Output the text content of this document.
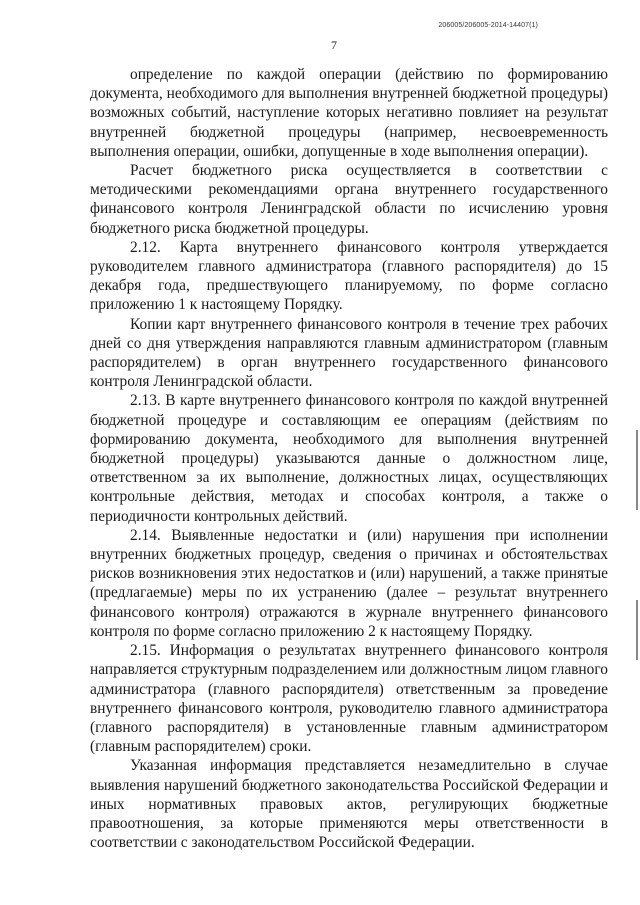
206005/206005-2014-14407(1)
7

определение по каждой операции (действию по формированию документа, необходимого для выполнения внутренней бюджетной процедуры) возможных событий, наступление которых негативно повлияет на результат внутренней бюджетной процедуры (например, несвоевременность выполнения операции, ошибки, допущенные в ходе выполнения операции).

Расчет бюджетного риска осуществляется в соответствии с методическими рекомендациями органа внутреннего государственного финансового контроля Ленинградской области по исчислению уровня бюджетного риска бюджетной процедуры.

2.12. Карта внутреннего финансового контроля утверждается руководителем главного администратора (главного распорядителя) до 15 декабря года, предшествующего планируемому, по форме согласно приложению 1 к настоящему Порядку.

Копии карт внутреннего финансового контроля в течение трех рабочих дней со дня утверждения направляются главным администратором (главным распорядителем) в орган внутреннего государственного финансового контроля Ленинградской области.

2.13. В карте внутреннего финансового контроля по каждой внутренней бюджетной процедуре и составляющим ее операциям (действиям по формированию документа, необходимого для выполнения внутренней бюджетной процедуры) указываются данные о должностном лице, ответственном за их выполнение, должностных лицах, осуществляющих контрольные действия, методах и способах контроля, а также о периодичности контрольных действий.

2.14. Выявленные недостатки и (или) нарушения при исполнении внутренних бюджетных процедур, сведения о причинах и обстоятельствах рисков возникновения этих недостатков и (или) нарушений, а также принятые (предлагаемые) меры по их устранению (далее – результат внутреннего финансового контроля) отражаются в журнале внутреннего финансового контроля по форме согласно приложению 2 к настоящему Порядку.

2.15. Информация о результатах внутреннего финансового контроля направляется структурным подразделением или должностным лицом главного администратора (главного распорядителя) ответственным за проведение внутреннего финансового контроля, руководителю главного администратора (главного распорядителя) в установленные главным администратором (главным распорядителем) сроки.

Указанная информация представляется незамедлительно в случае выявления нарушений бюджетного законодательства Российской Федерации и иных нормативных правовых актов, регулирующих бюджетные правоотношения, за которые применяются меры ответственности в соответствии с законодательством Российской Федерации.
